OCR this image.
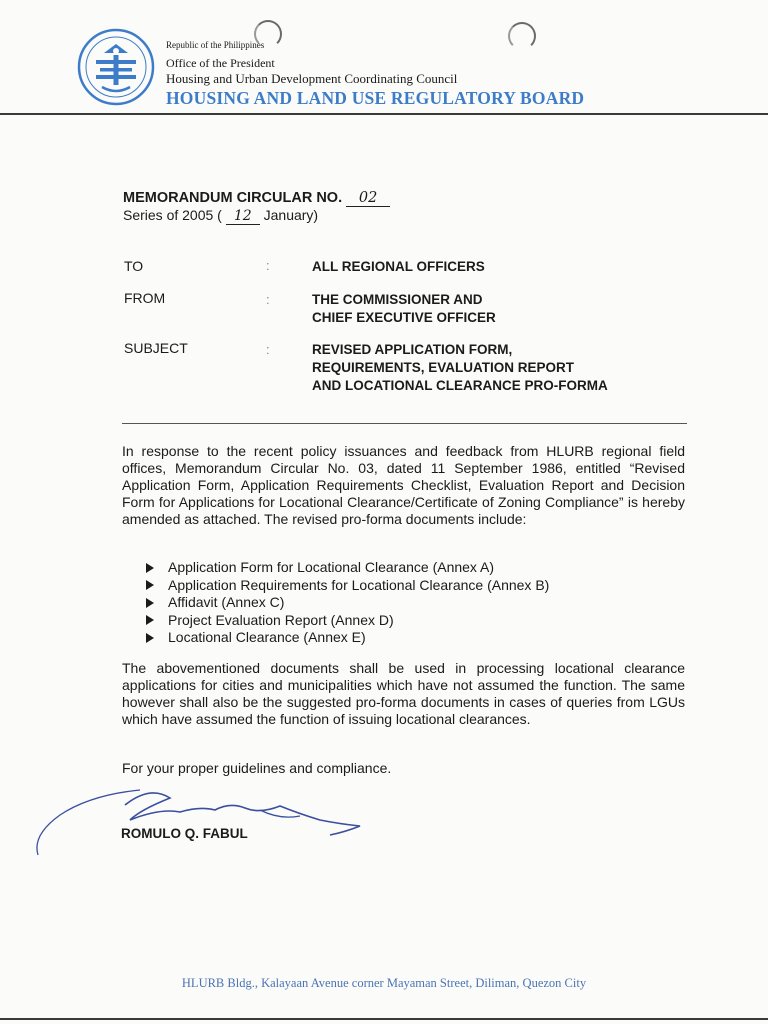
Republic of the Philippines
Office of the President
Housing and Urban Development Coordinating Council
HOUSING AND LAND USE REGULATORY BOARD
MEMORANDUM CIRCULAR NO. 02
Series of 2005 ( 12 January)
TO	:	ALL REGIONAL OFFICERS
FROM	:	THE COMMISSIONER AND
CHIEF EXECUTIVE OFFICER
SUBJECT	:	REVISED APPLICATION FORM,
REQUIREMENTS, EVALUATION REPORT
AND LOCATIONAL CLEARANCE PRO-FORMA
In response to the recent policy issuances and feedback from HLURB regional field offices, Memorandum Circular No. 03, dated 11 September 1986, entitled “Revised Application Form, Application Requirements Checklist, Evaluation Report and Decision Form for Applications for Locational Clearance/Certificate of Zoning Compliance” is hereby amended as attached. The revised pro-forma documents include:
Application Form for Locational Clearance (Annex A)
Application Requirements for Locational Clearance (Annex B)
Affidavit (Annex C)
Project Evaluation Report (Annex D)
Locational Clearance (Annex E)
The abovementioned documents shall be used in processing locational clearance applications for cities and municipalities which have not assumed the function. The same however shall also be the suggested pro-forma documents in cases of queries from LGUs which have assumed the function of issuing locational clearances.
For your proper guidelines and compliance.
ROMULO Q. FABUL
HLURB Bldg., Kalayaan Avenue corner Mayaman Street, Diliman, Quezon City
